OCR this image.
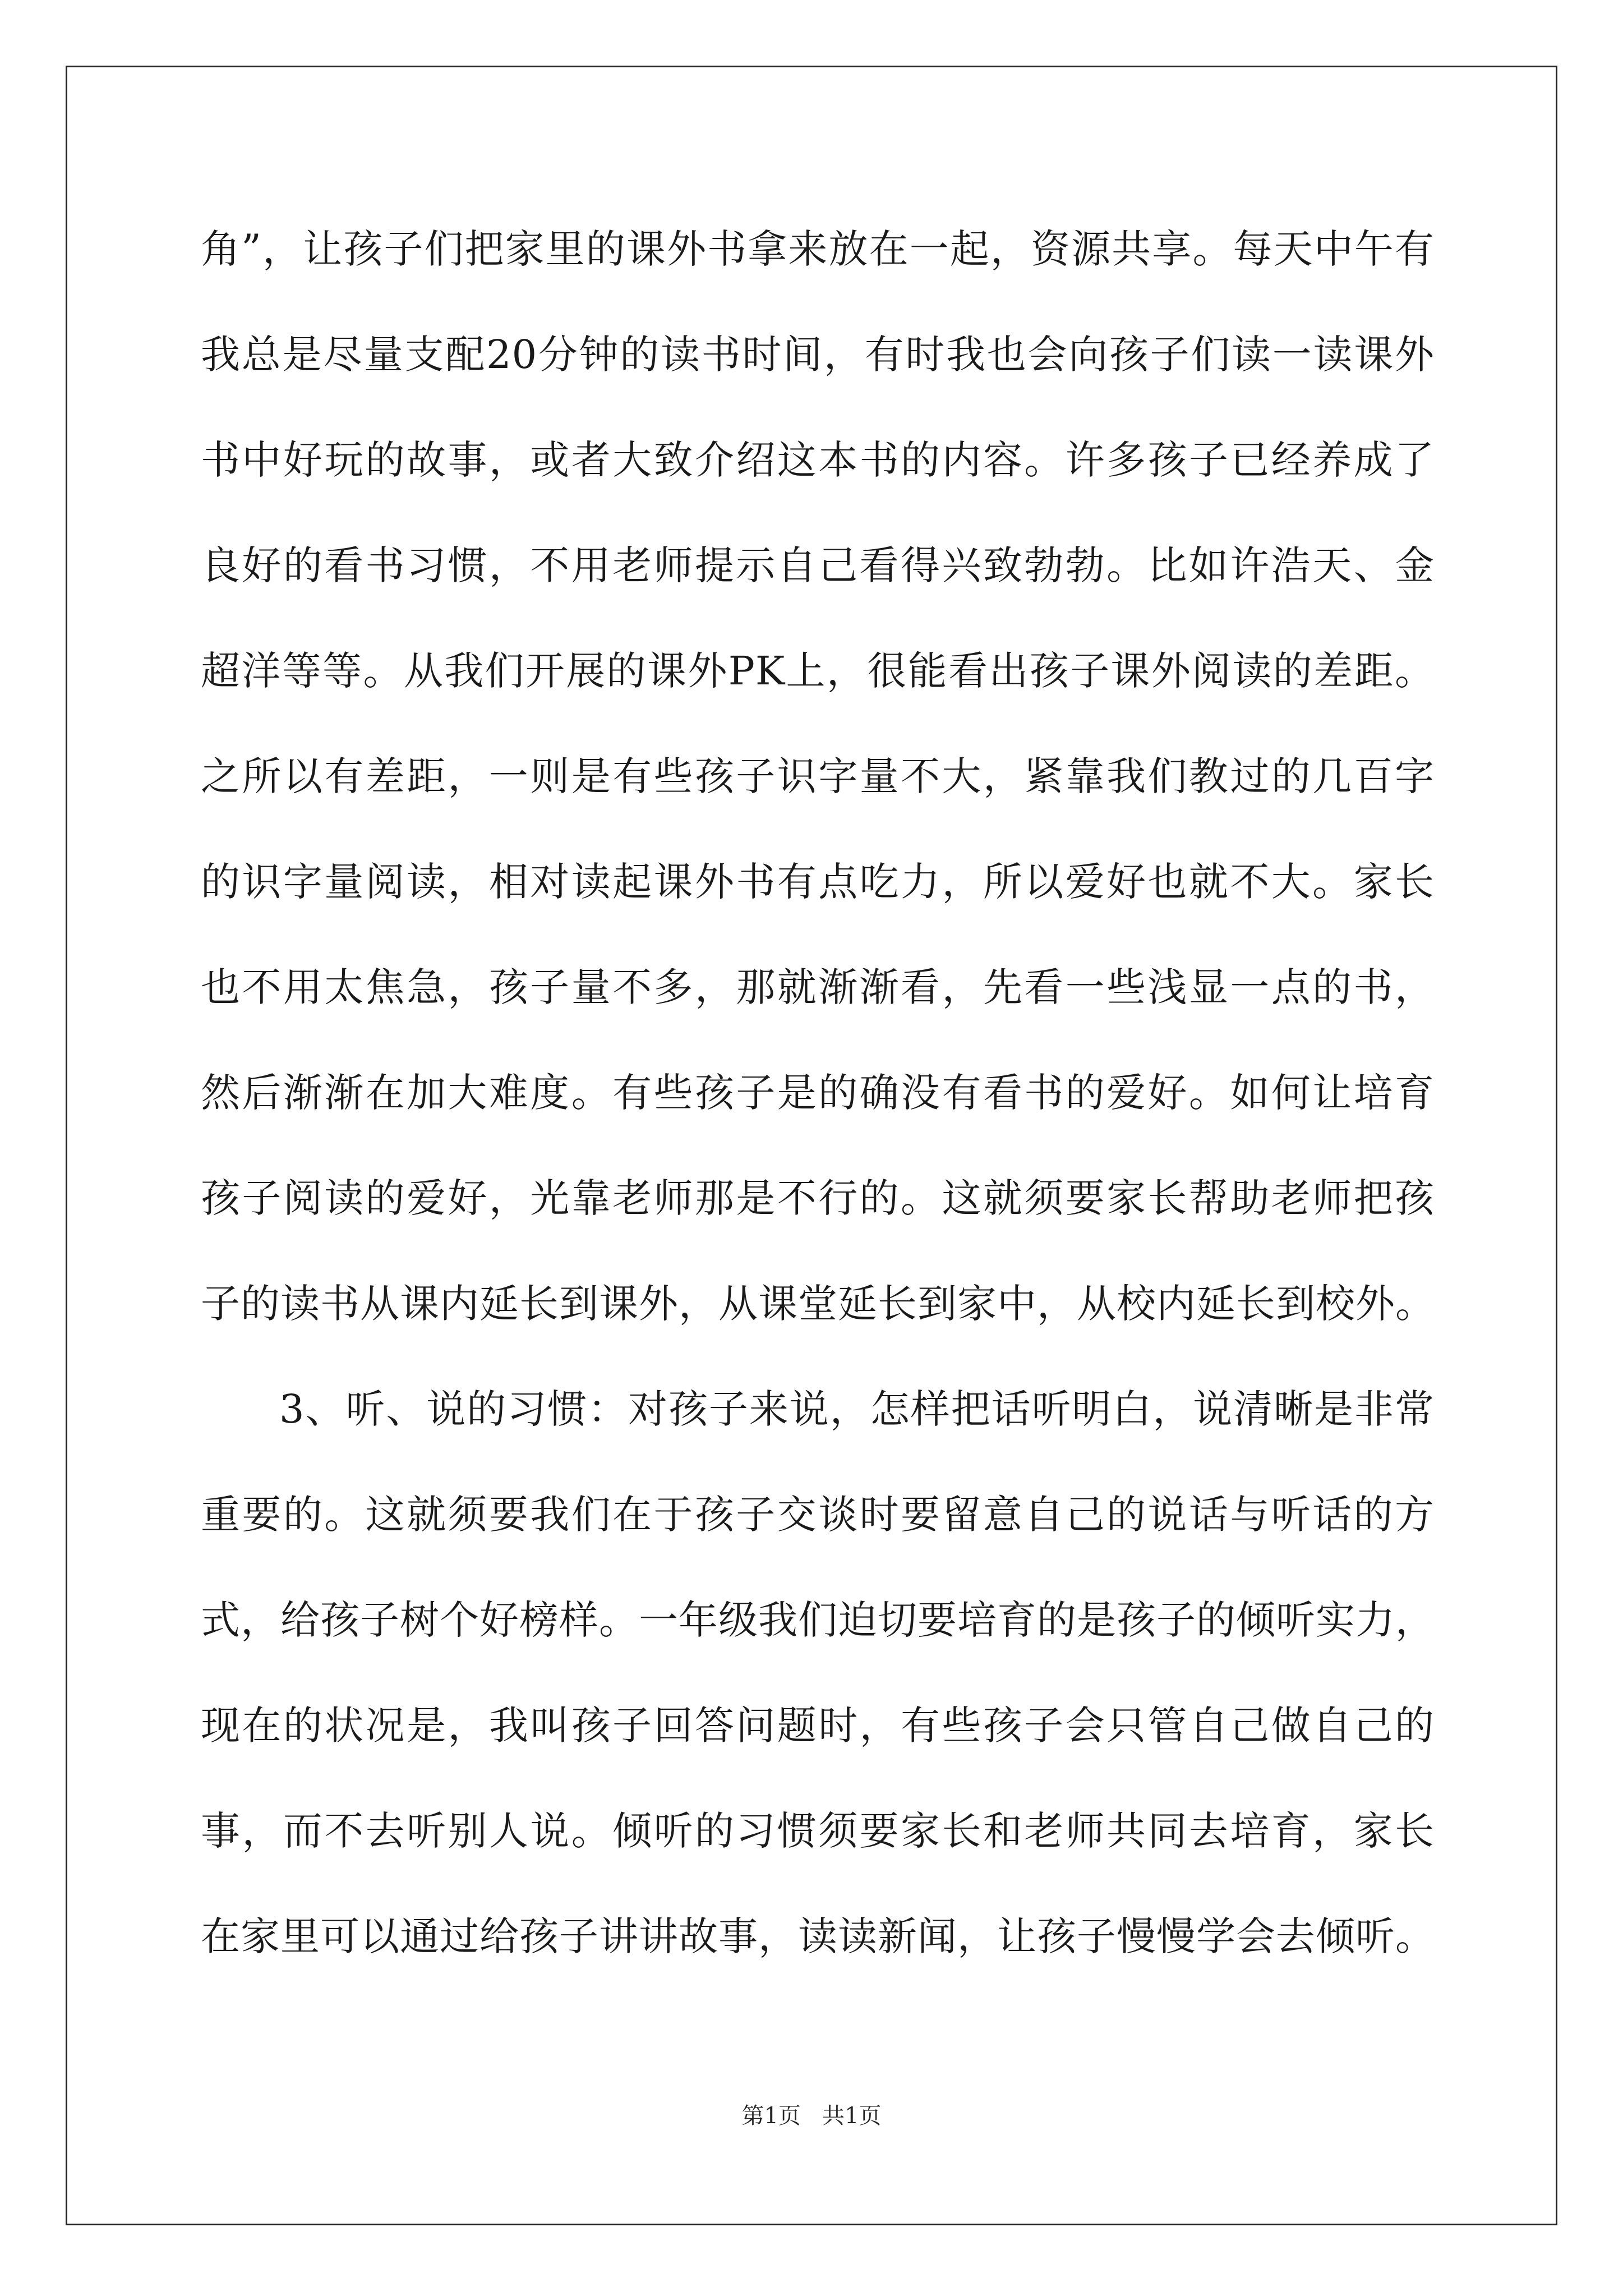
角”，让孩子们把家里的课外书拿来放在一起，资源共享。每天中午有
我总是尽量支配20分钟的读书时间，有时我也会向孩子们读一读课外
书中好玩的故事，或者大致介绍这本书的内容。许多孩子已经养成了
良好的看书习惯，不用老师提示自己看得兴致勃勃。比如许浩天、金
超洋等等。从我们开展的课外PK上，很能看出孩子课外阅读的差距。
之所以有差距，一则是有些孩子识字量不大，紧靠我们教过的几百字
的识字量阅读，相对读起课外书有点吃力，所以爱好也就不大。家长
也不用太焦急，孩子量不多，那就渐渐看，先看一些浅显一点的书，
然后渐渐在加大难度。有些孩子是的确没有看书的爱好。如何让培育
孩子阅读的爱好，光靠老师那是不行的。这就须要家长帮助老师把孩
子的读书从课内延长到课外，从课堂延长到家中，从校内延长到校外。
3、听、说的习惯：对孩子来说，怎样把话听明白，说清晰是非常
重要的。这就须要我们在于孩子交谈时要留意自己的说话与听话的方
式，给孩子树个好榜样。一年级我们迫切要培育的是孩子的倾听实力，
现在的状况是，我叫孩子回答问题时，有些孩子会只管自己做自己的
事，而不去听别人说。倾听的习惯须要家长和老师共同去培育，家长
在家里可以通过给孩子讲讲故事，读读新闻，让孩子慢慢学会去倾听。
第1页   共1页
